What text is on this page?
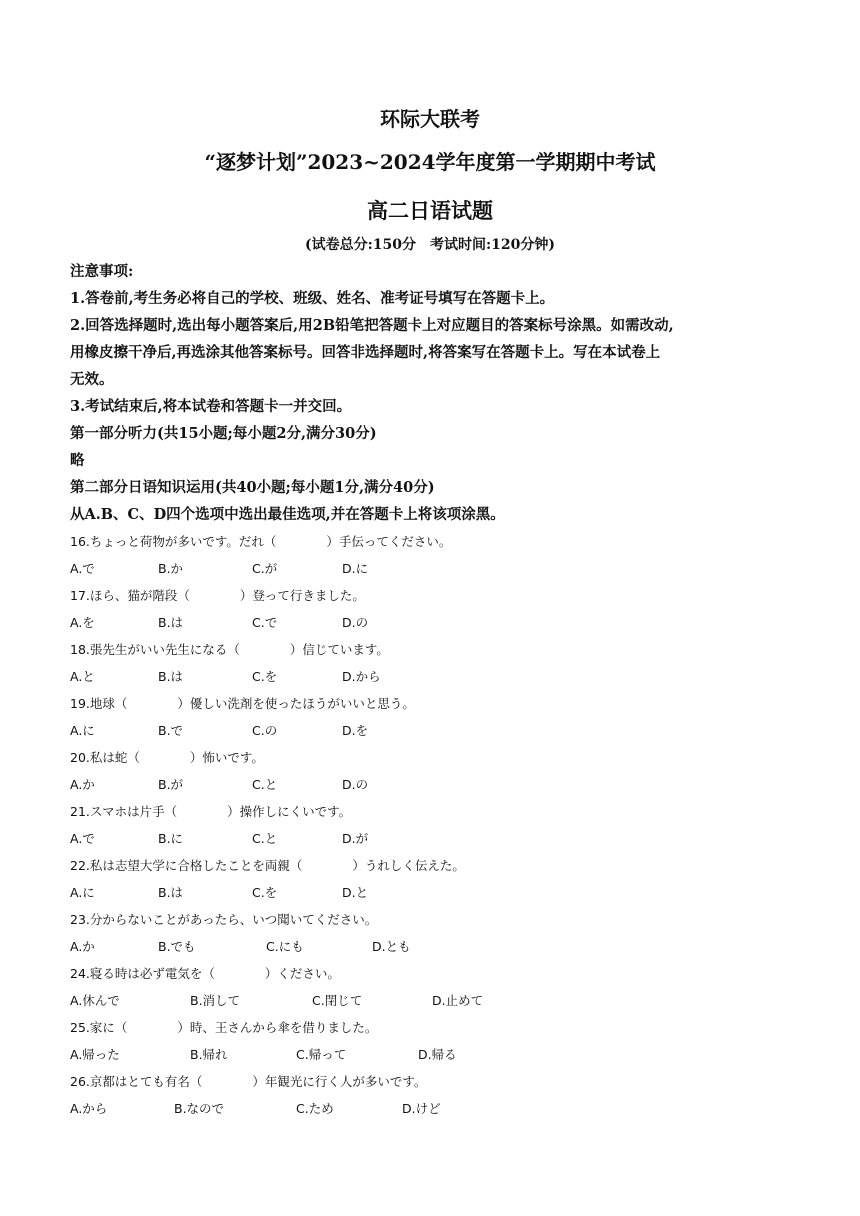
环际大联考
“逐梦计划”2023~2024学年度第一学期期中考试
高二日语试题
(试卷总分:150分　考试时间:120分钟)
注意事项:
1.答卷前,考生务必将自己的学校、班级、姓名、准考证号填写在答题卡上。
2.回答选择题时,选出每小题答案后,用2B铅笔把答题卡上对应题目的答案标号涂黑。如需改动,
用橡皮擦干净后,再选涂其他答案标号。回答非选择题时,将答案写在答题卡上。写在本试卷上
无效。
3.考试结束后,将本试卷和答题卡一并交回。
第一部分听力(共15小题;每小题2分,满分30分)
略
第二部分日语知识运用(共40小题;每小题1分,满分40分)
从A.B、C、D四个选项中选出最佳选项,并在答题卡上将该项涂黑。
16.ちょっと荷物が多いです。だれ（　　　　）手伝ってください。
A.で	B.か	C.が	D.に
17.ほら、猫が階段（　　　　）登って行きました。
A.を	B.は	C.で	D.の
18.張先生がいい先生になる（　　　　）信じています。
A.と	B.は	C.を	D.から
19.地球（　　　　）優しい洗剤を使ったほうがいいと思う。
A.に	B.で	C.の	D.を
20.私は蛇（　　　　）怖いです。
A.か	B.が	C.と	D.の
21.スマホは片手（　　　　）操作しにくいです。
A.で	B.に	C.と	D.が
22.私は志望大学に合格したことを両親（　　　　）うれしく伝えた。
A.に	B.は	C.を	D.と
23.分からないことがあったら、いつ聞いてください。
A.か	B.でも	C.にも	D.とも
24.寝る時は必ず電気を（　　　　）ください。
A.休んで	B.消して	C.閉じて	D.止めて
25.家に（　　　　）時、王さんから傘を借りました。
A.帰った	B.帰れ	C.帰って	D.帰る
26.京都はとても有名（　　　　）年観光に行く人が多いです。
A.から	B.なので	C.ため	D.けど
